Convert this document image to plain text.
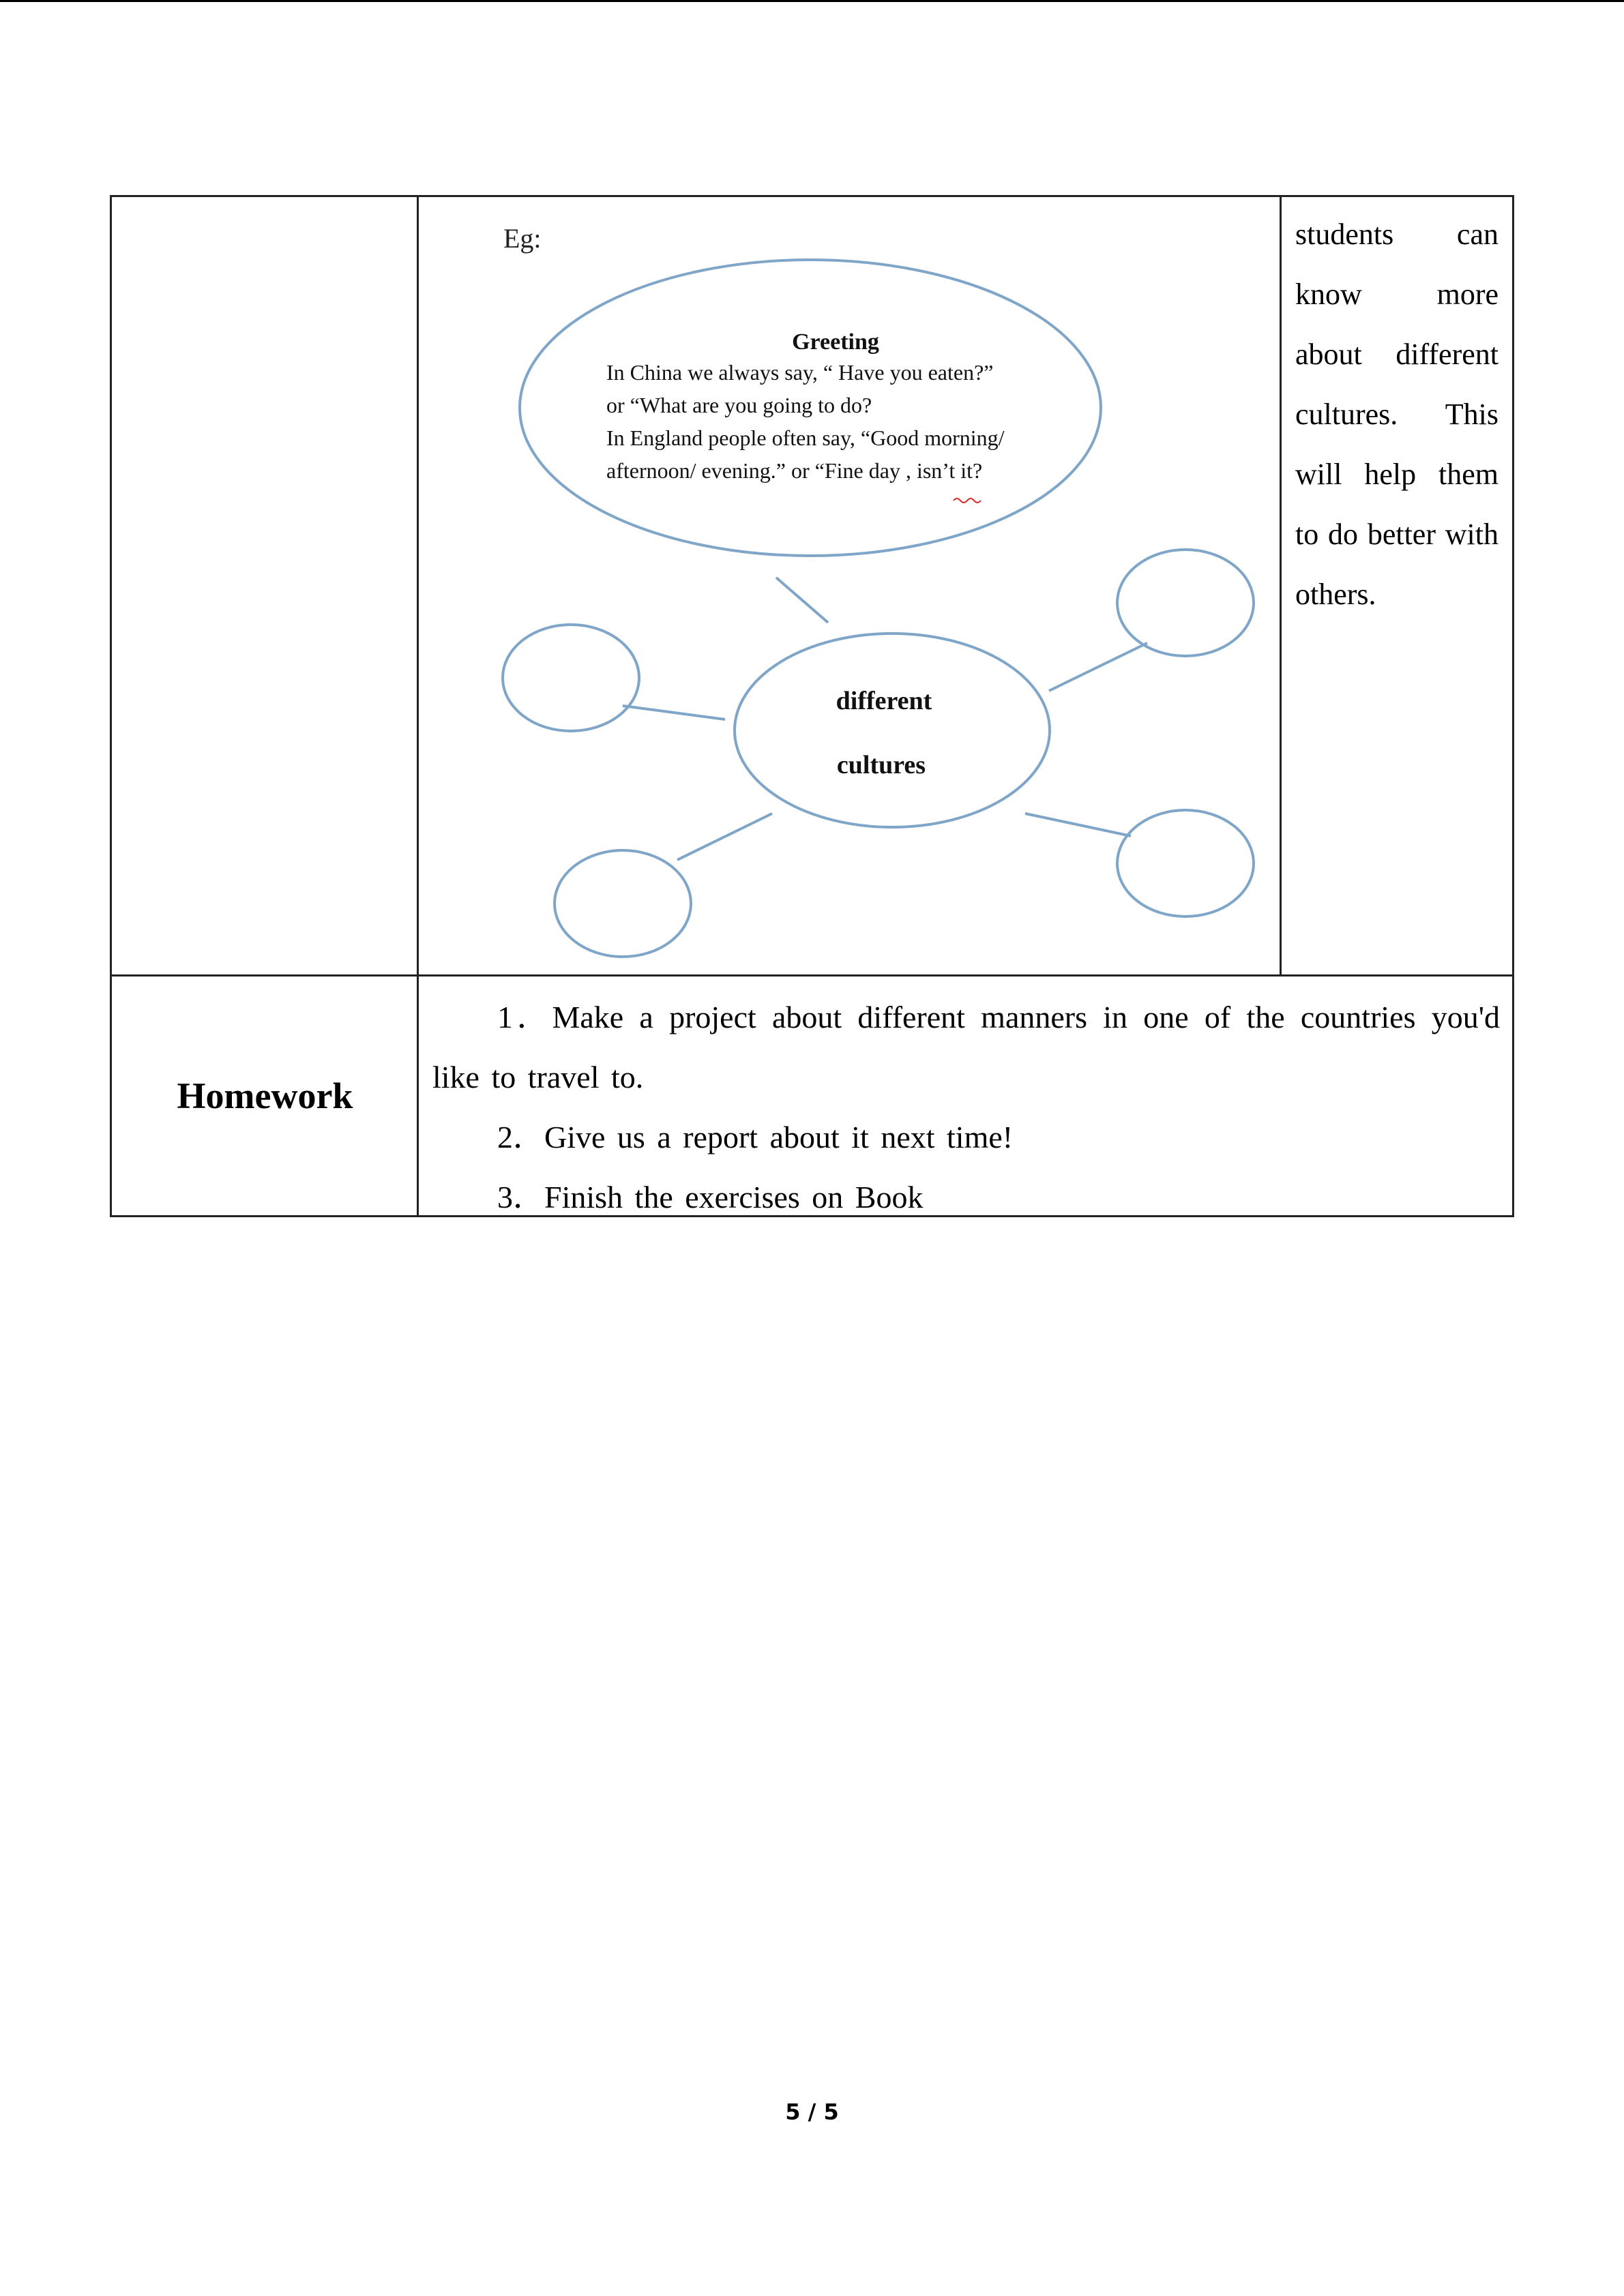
Eg:
Greeting
In China we always say, “ Have you eaten?”
or “What are you going to do?
In England people often say, “Good morning/
afternoon/ evening.” or “Fine day , isn’t it?
different
cultures
students can know more about different cultures. This will help them to do better with others.
Homework

1．Make a project about different manners in one of the countries you'd like to travel to.

2．Give us a report about it next time!

3．Finish the exercises on Book

5 / 5
